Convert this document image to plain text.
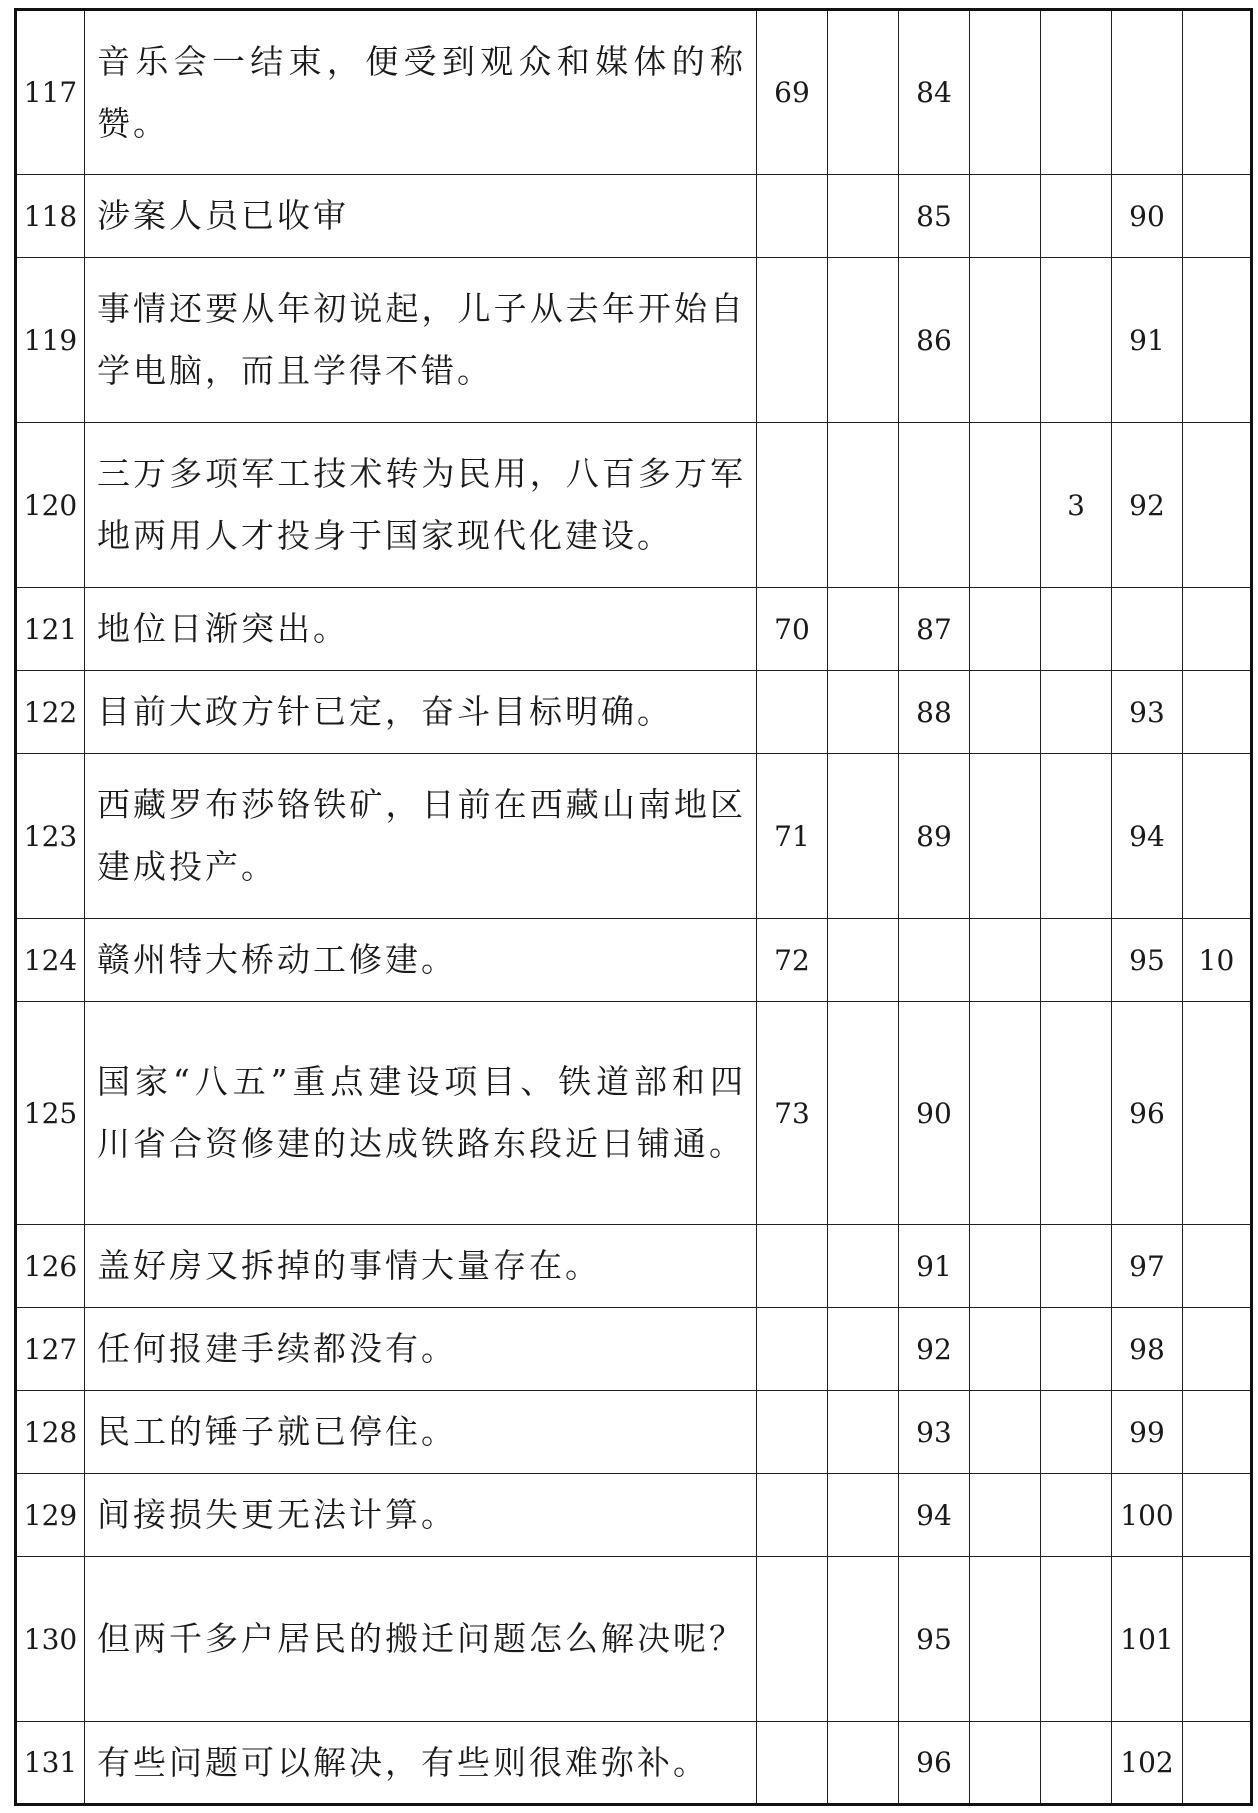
117	音乐会一结束，便受到观众和媒体的称赞。	69		84				
118	涉案人员已收审			85			90	
119	事情还要从年初说起，儿子从去年开始自学电脑，而且学得不错。			86			91	
120	三万多项军工技术转为民用，八百多万军地两用人才投身于国家现代化建设。					3	92	
121	地位日渐突出。	70		87				
122	目前大政方针已定，奋斗目标明确。			88			93	
123	西藏罗布莎铬铁矿，日前在西藏山南地区建成投产。	71		89			94	
124	赣州特大桥动工修建。	72					95	10
125	国家“八五”重点建设项目、铁道部和四川省合资修建的达成铁路东段近日铺通。	73		90			96	
126	盖好房又拆掉的事情大量存在。			91			97	
127	任何报建手续都没有。			92			98	
128	民工的锤子就已停住。			93			99	
129	间接损失更无法计算。			94			100	
130	但两千多户居民的搬迁问题怎么解决呢？			95			101	
131	有些问题可以解决，有些则很难弥补。			96			102	
